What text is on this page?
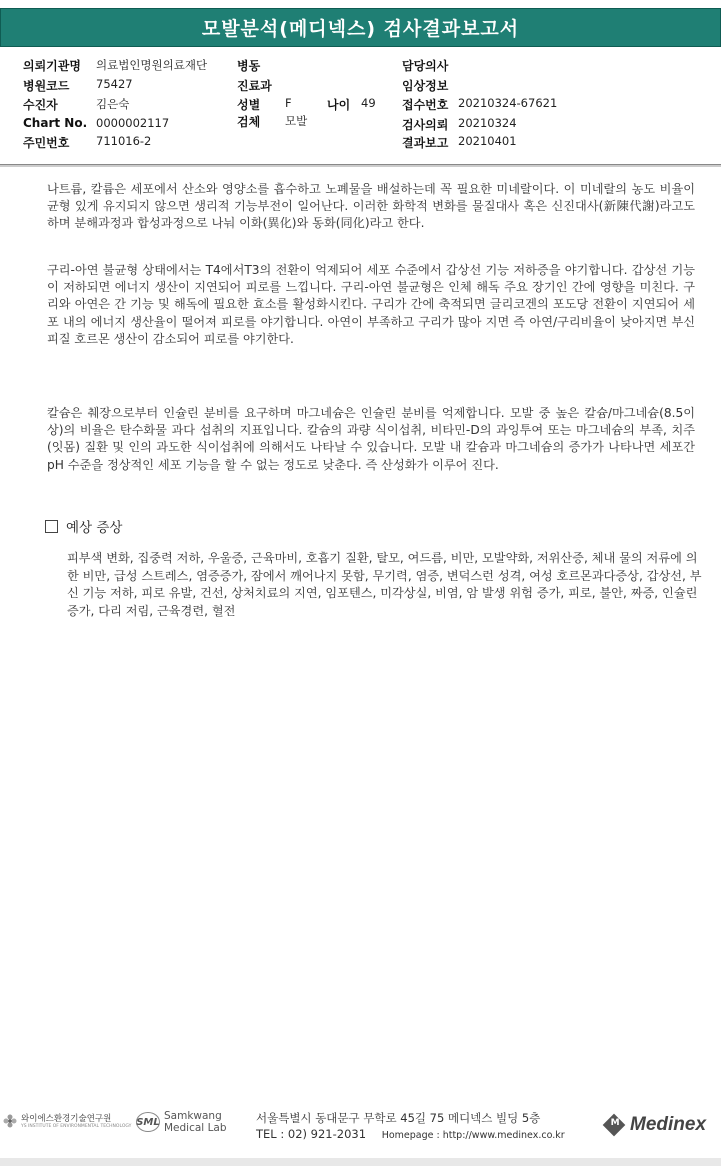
모발분석(메디넥스) 검사결과보고서
의뢰기관명 의료법인명원의료재단 병동	담당의사
병원코드 75427	진료과	임상정보
수진자	김은숙	성별 F	나이 49 접수번호 20210324-67621
Chart No. 0000002117	검체 모발	검사의뢰 20210324
주민번호 711016-2	결과보고 20210401
나트륨, 칼륨은 세포에서 산소와 영양소를 흡수하고 노폐물을 배설하는데 꼭 필요한 미네랄이다. 이 미네랄의 농도 비율이 균형 있게 유지되지 않으면 생리적 기능부전이 일어난다. 이러한 화학적 변화를 물질대사 혹은 신진대사(新陳代謝)라고도 하며 분해과정과 합성과정으로 나눠 이화(異化)와 동화(同化)라고 한다.
구리-아연 불균형 상태에서는 T4에서T3의 전환이 억제되어 세포 수준에서 갑상선 기능 저하증을 야기합니다. 갑상선 기능이 저하되면 에너지 생산이 지연되어 피로를 느낍니다. 구리-아연 불균형은 인체 해독 주요 장기인 간에 영향을 미친다. 구리와 아연은 간 기능 및 해독에 필요한 효소를 활성화시킨다. 구리가 간에 축적되면 글리코겐의 포도당 전환이 지연되어 세포 내의 에너지 생산율이 떨어져 피로를 야기합니다. 아연이 부족하고 구리가 많아 지면 즉 아연/구리비율이 낮아지면 부신 피질 호르몬 생산이 감소되어 피로를 야기한다.
칼슘은 췌장으로부터 인슐린 분비를 요구하며 마그네슘은 인슐린 분비를 억제합니다. 모발 중 높은 칼슘/마그네슘(8.5이상)의 비율은 탄수화물 과다 섭취의 지표입니다. 칼슘의 과량 식이섭취, 비타민-D의 과잉투여 또는 마그네슘의 부족, 치주(잇몸) 질환 및 인의 과도한 식이섭취에 의해서도 나타날 수 있습니다. 모발 내 칼슘과 마그네슘의 증가가 나타나면 세포간 pH 수준을 정상적인 세포 기능을 할 수 없는 정도로 낮춘다. 즉 산성화가 이루어 진다.
예상 증상
피부색 변화, 집중력 저하, 우울증, 근육마비, 호흡기 질환, 탈모, 여드름, 비만, 모발약화, 저위산증, 체내 물의 저류에 의한 비만, 급성 스트레스, 염증증가, 잠에서 깨어나지 못함, 무기력, 염증, 변덕스런 성격, 여성 호르몬과다증상, 갑상선, 부신 기능 저하, 피로 유발, 건선, 상처치료의 지연, 임포텐스, 미각상실, 비염, 암 발생 위험 증가, 피로, 불안, 짜증, 인슐린 증가, 다리 저림, 근육경련, 혈전
와이에스환경기술연구원
YS INSTITUTE OF ENVIRONMENTAL TECHNOLOGY SML Samkwang
Medical Lab
서울특별시 동대문구 무학로 45길 75 메디넥스 빌딩 5층
TEL : 02) 921-2031 Homepage : http://www.medinex.co.kr
M
Medinex
